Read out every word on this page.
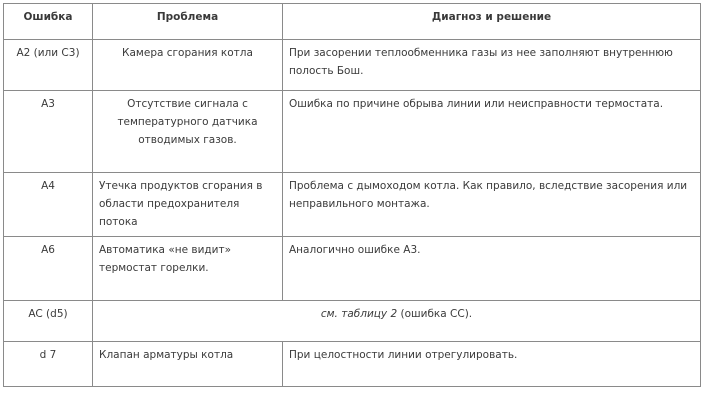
Ошибка	Проблема	Диагноз и решение
A2 (или C3)	Камера сгорания котла	При засорении теплообменника газы из нее заполняют внутреннюю полость Бош.
A3	Отсутствие сигнала с температурного датчика отводимых газов.	Ошибка по причине обрыва линии или неисправности термостата.
A4	Утечка продуктов сгорания в области предохранителя потока	Проблема с дымоходом котла. Как правило, вследствие засорения или неправильного монтажа.
A6	Автоматика «не видит» термостат горелки.	Аналогично ошибке A3.
AC (d5)	см. таблицу 2 (ошибка CC).	
d 7	Клапан арматуры котла	При целостности линии отрегулировать.
